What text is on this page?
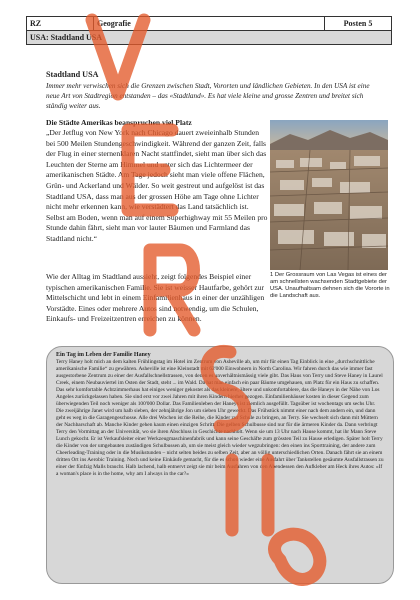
RZ	Geografie	Posten 5
USA: Stadtland USA
Stadtland USA
Immer mehr verwischen sich die Grenzen zwischen Stadt, Vororten und ländlichen Gebieten. In den USA ist eine neue Art von Stadtregion entstanden – das «Stadtland». Es hat viele kleine und grosse Zentren und breitet sich ständig weiter aus.
Die Städte Amerikas beanspruchen viel Platz
„Der Jetflug von New York nach Chicago dauert zweieinhalb Stunden bei 500 Meilen Stundengeschwindigkeit. Während der ganzen Zeit, falls der Flug in einer sternenklaren Nacht stattfindet, sieht man über sich das Leuchten der Sterne am Himmel und unter sich das Lichtermeer der amerikanischen Städte. Am Tage jedoch sieht man viele offene Flächen, Grün- und Ackerland und Wälder. So weit gestreut und aufgelöst ist das Stadtland USA, dass man aus der grossen Höhe am Tage ohne Lichter nicht mehr erkennen kann, wie verstädtert das Land tatsächlich ist. Selbst am Boden, wenn man auf einem Superhighway mit 55 Meilen pro Stunde dahin fährt, sieht man vor lauter Bäumen und Farmland das Stadtland nicht.“
1 Der Grossraum von Las Vegas ist eines der am schnellsten wachsenden Stadtgebiete der USA. Unaufhaltsam dehnen sich die Vororte in die Landschaft aus.
Wie der Alltag im Stadtland aussieht, zeigt folgendes Beispiel einer typischen amerikanischen Familie. Sie ist weisser Hautfarbe, gehört zur Mittelschicht und lebt in einem Einfamilienhaus in einer der unzähligen Vorstädte. Eines oder mehrere Autos sind notwendig, um die Schulen, Einkaufs- und Freizeitzentren erreichen zu können.
Ein Tag im Leben der Familie Haney
Terry Haney holt mich an dem kalten Frühlingstag im Hotel im Zentrum von Asheville ab, um mir für einen Tag Einblick in eine „durchschnittliche amerikanische Familie“ zu gewähren. Asheville ist eine Kleinstadt mit 62'000 Einwohnern in North Carolina. Wir fahren durch das wie immer fast ausgestorbene Zentrum zu einer der Ausfallschnellstrassen, von denen es unverhältnismässig viele gibt. Das Haus von Terry und Steve Haney in Laurel Creek, einem Neubauviertel im Osten der Stadt, steht ... im Wald. Da hat man einfach ein paar Bäume umgehauen, um Platz für ein Haus zu schaffen. Das sehr komfortable Achtzimmerhaus hat einiges weniger gekostet als das kleinere, ältere und unkomfortablere, das die Haneys in der Nähe von Los Angeles zurückgelassen haben. Sie sind erst vor zwei Jahren mit ihren Kindern hierher gezogen. Einfamilienhäuser kosten in dieser Gegend zum überwiegenden Teil noch weniger als 100'000 Dollar. Das Familienleben der Haneys ist ziemlich ausgefüllt. Tagsüber ist wochentags um sechs Uhr. Die zweijährige Janet wird um halb sieben, der zehnjährige Jon um sieben Uhr geweckt. Das Frühstück nimmt einer nach dem andern ein, und dann geht es weg in die Garagengeschosse. Alle drei Wochen ist die Reihe, die Kinder zur Schule zu bringen, an Terry. Sie wechselt sich dann mit Müttern der Nachbarschaft ab. Manche Kinder gehen kaum einen einzigen Schritt. Die gelben Schulbusse sind nur für die ärmeren Kinder da. Dann verbringt Terry den Vormittag an der Universität, wo sie ihren Abschluss in Geschichte nachholt. Wenn sie um 13 Uhr nach Hause kommt, hat ihr Mann Steve Lunch gekocht. Er ist Verkaufsleiter einer Werkzeugmaschinenfabrik und kann seine Geschäfte zum grössten Teil zu Hause erledigen. Später holt Terry die Kinder von der umgebauten zuständigen Schulbussen ab, um sie meist gleich wieder wegzubringen: den einen ins Sporttraining, der andere zum Cheerleading-Training oder in die Musikstunden – nicht selten beides zu selben Zeit, aber an völlig unterschiedlichen Orten. Danach fährt sie an einem dritten Ort ins Aerobic Training. Noch und keine Einkäufe gemacht, für die es schon wieder eine Ausfahrt über Tankstellen gesäumte Ausfallstrassen zu einer der fünfzig Malls braucht. Halb lachend, halb entnervt zeigt sie mir beim Ausfahren von den Abendessen den Aufkleber am Heck ihres Autos: «If a woman's place is in the home, why am I always in the car?»
